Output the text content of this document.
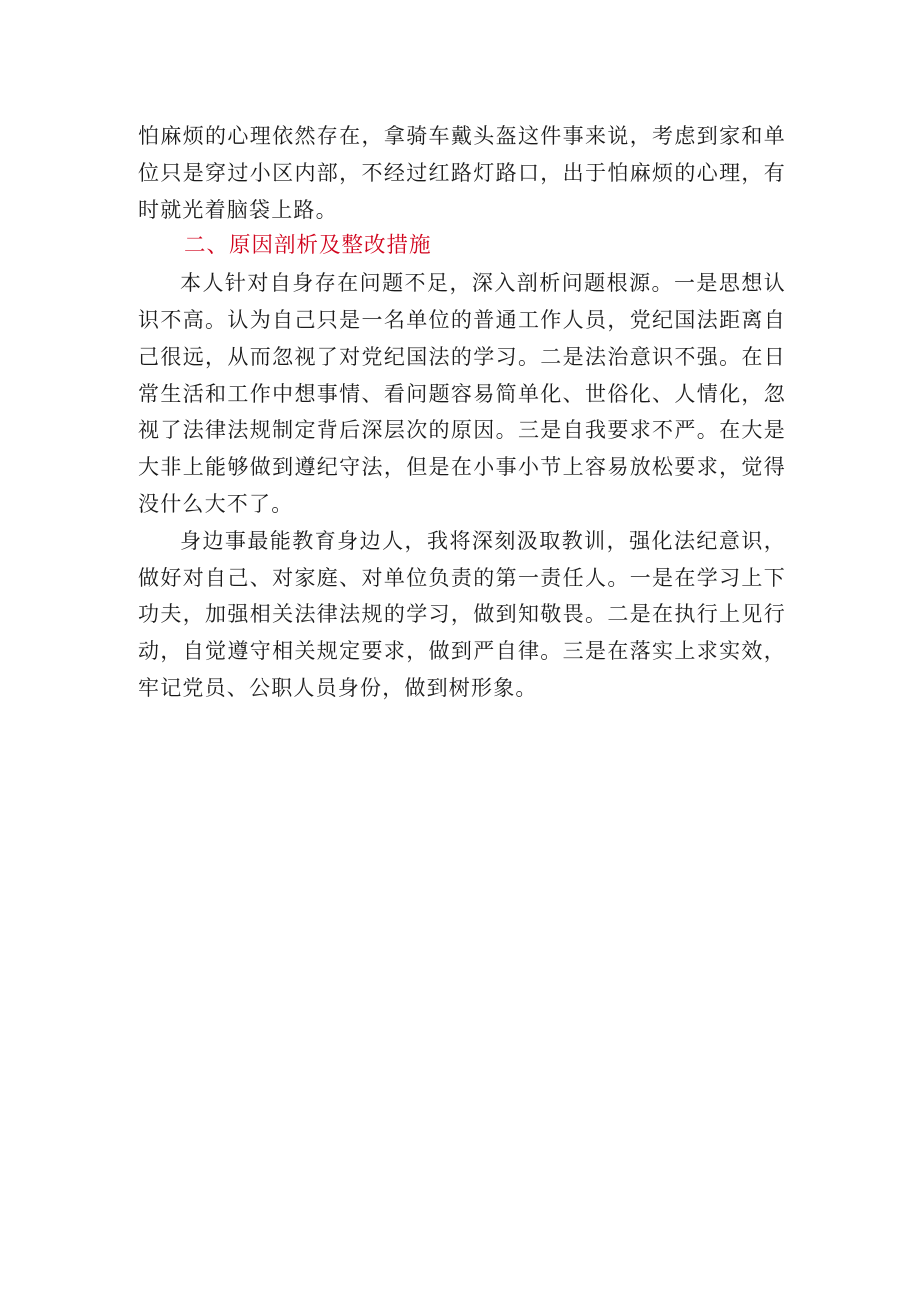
怕麻烦的心理依然存在，拿骑车戴头盔这件事来说，考虑到家和单位只是穿过小区内部，不经过红路灯路口，出于怕麻烦的心理，有时就光着脑袋上路。

二、原因剖析及整改措施

本人针对自身存在问题不足，深入剖析问题根源。一是思想认识不高。认为自己只是一名单位的普通工作人员，党纪国法距离自己很远，从而忽视了对党纪国法的学习。二是法治意识不强。在日常生活和工作中想事情、看问题容易简单化、世俗化、人情化，忽视了法律法规制定背后深层次的原因。三是自我要求不严。在大是大非上能够做到遵纪守法，但是在小事小节上容易放松要求，觉得没什么大不了。

身边事最能教育身边人，我将深刻汲取教训，强化法纪意识，做好对自己、对家庭、对单位负责的第一责任人。一是在学习上下功夫，加强相关法律法规的学习，做到知敬畏。二是在执行上见行动，自觉遵守相关规定要求，做到严自律。三是在落实上求实效，牢记党员、公职人员身份，做到树形象。
